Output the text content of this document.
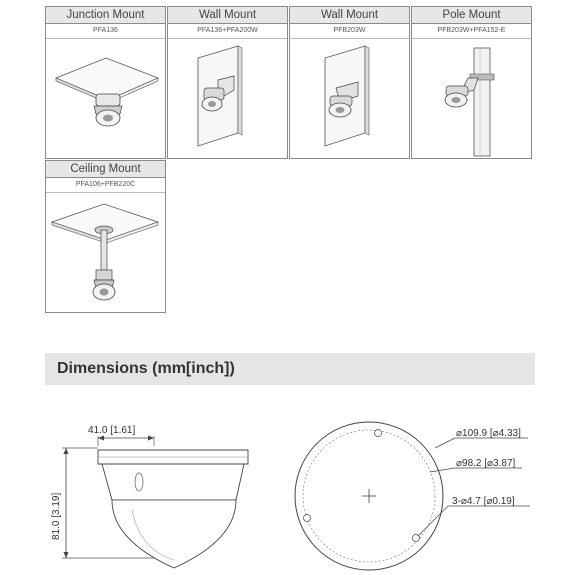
Junction Mount
PFA136
Wall Mount
PFA136+PFA200W
Wall Mount
PFB203W
Pole Mount
PFB203W+PFA152-E
Ceiling Mount
PFA106+PFB220C
Dimensions (mm[inch])
81.0 [3.19]
41.0 [1.61]	⌀109.9 [⌀4.33]
⌀98.2 [⌀3.87]
3-⌀4.7 [⌀0.19]
